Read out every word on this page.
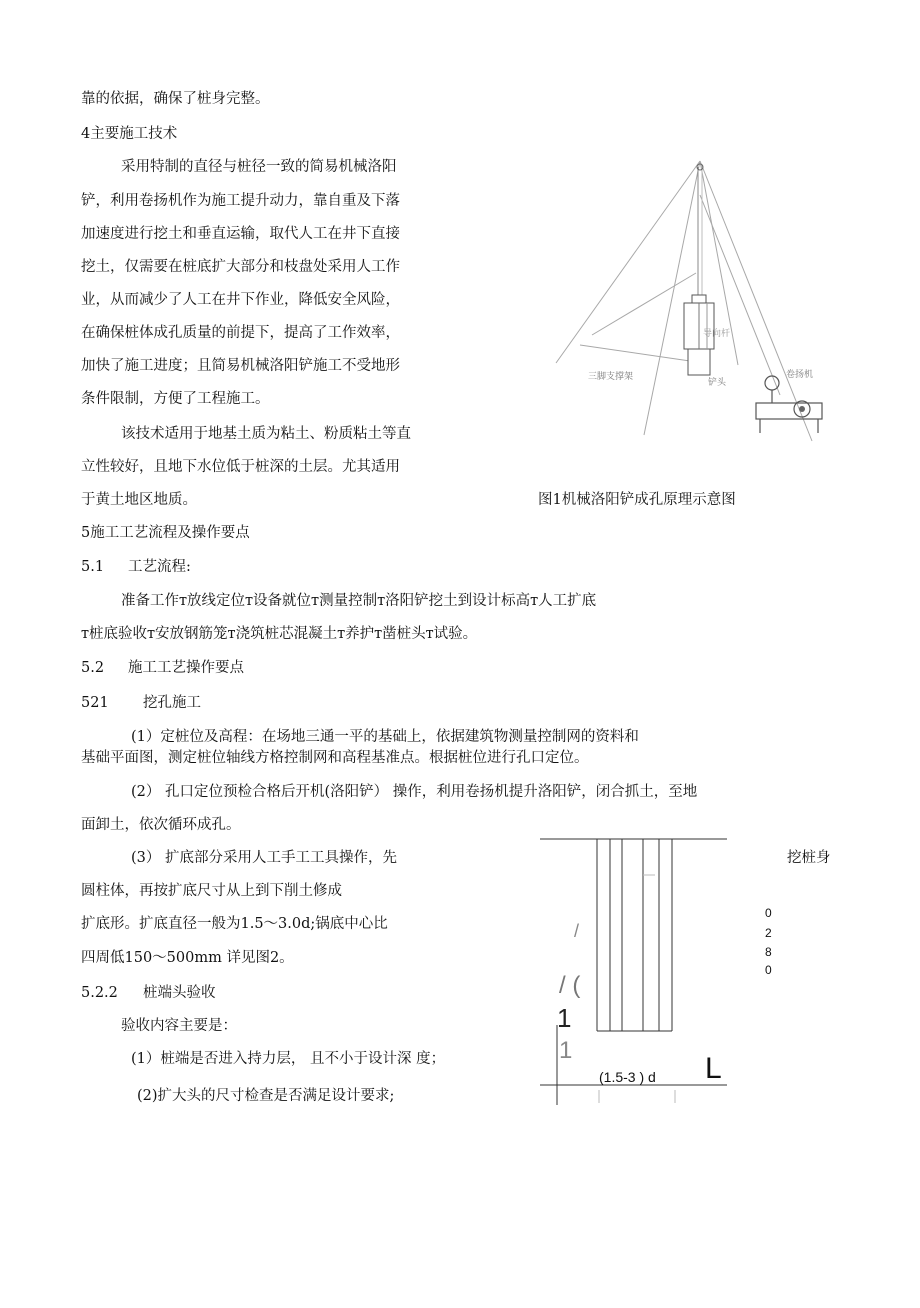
靠的依据，确保了桩身完整。
4主要施工技术
采用特制的直径与桩径一致的简易机械洛阳
铲，利用卷扬机作为施工提升动力，靠自重及下落
加速度进行挖土和垂直运输，取代人工在井下直接
挖土，仅需要在桩底扩大部分和枝盘处采用人工作
业，从而减少了人工在井下作业，降低安全风险，
在确保桩体成孔质量的前提下，提高了工作效率，
加快了施工进度；且简易机械洛阳铲施工不受地形
条件限制，方便了工程施工。
该技术适用于地基土质为粘土、粉质粘土等直
立性较好，且地下水位低于桩深的土层。尤其适用
于黄土地区地质。
导向杆
三脚支撑架
铲头
卷扬机
图1机械洛阳铲成孔原理示意图
5施工工艺流程及操作要点
5.1 工艺流程:
准备工作т放线定位т设备就位т测量控制т洛阳铲挖土到设计标高т人工扩底
т桩底验收т安放钢筋笼т浇筑桩芯混凝土т养护т凿桩头т试验。
5.2 施工工艺操作要点
521 挖孔施工
(1）定桩位及高程：在场地三通一平的基础上，依据建筑物测量控制网的资料和
基础平面图，测定桩位轴线方格控制网和高程基准点。根据桩位进行孔口定位。
(2） 孔口定位预检合格后开机(洛阳铲） 操作，利用卷扬机提升洛阳铲，闭合抓土，至地
面卸土，依次循环成孔。
(3） 扩底部分采用人工手工工具操作，先	挖桩身
圆柱体，再按扩底尺寸从上到下削土修成
扩底形。扩底直径一般为1.5～3.0d;锅底中心比
四周低150～500mm 详见图2。
5.2.2 桩端头验收
验收内容主要是：
(1）桩端是否进入持力层， 且不小于设计深 度；
(2)扩大头的尺寸检查是否满足设计要求;
/
/ (
1
1
0
2
8
0
(1.5-3 ) d L
